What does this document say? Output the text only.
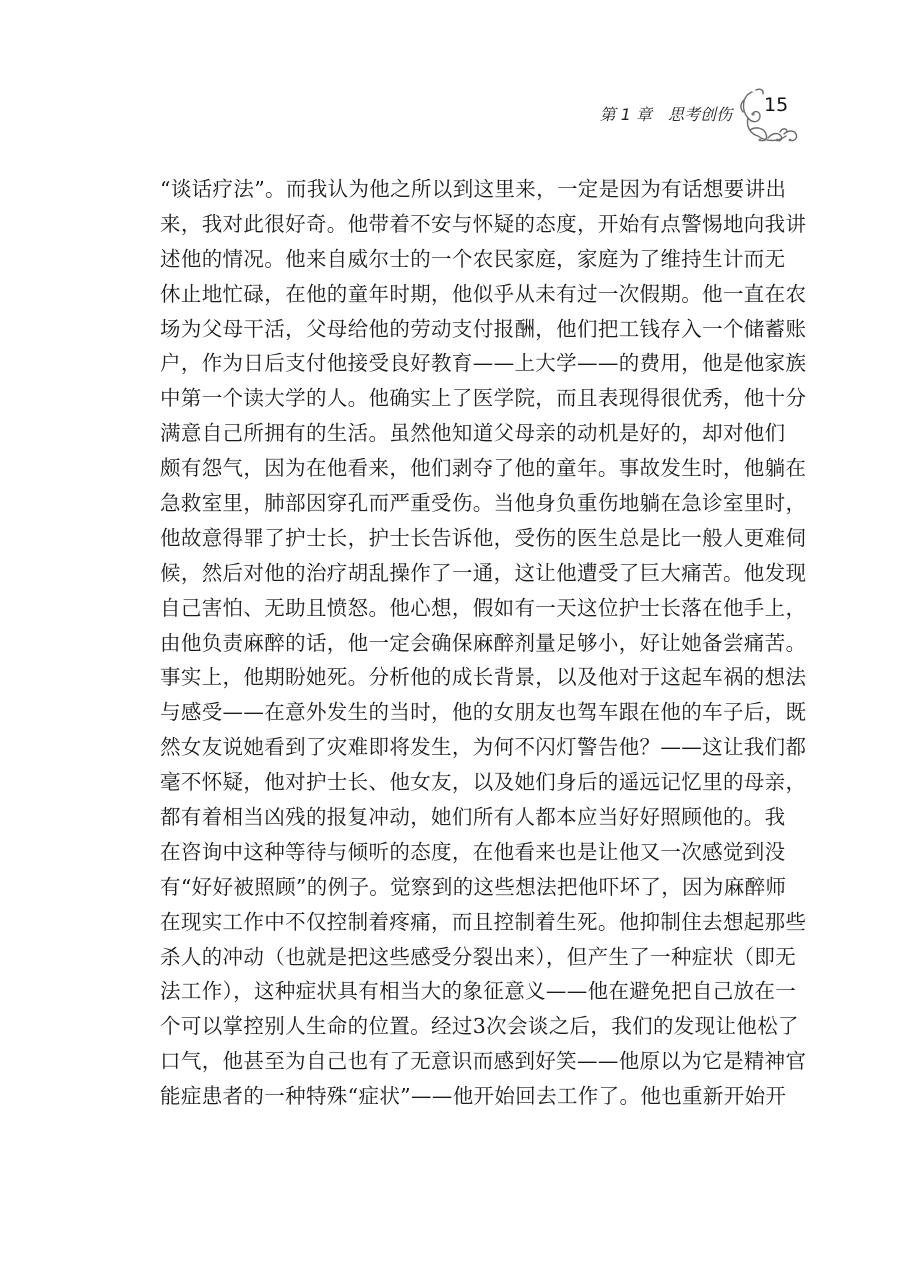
第 1 章　思考创伤 15
“谈话疗法”。而我认为他之所以到这里来，一定是因为有话想要讲出
来，我对此很好奇。他带着不安与怀疑的态度，开始有点警惕地向我讲
述他的情况。他来自威尔士的一个农民家庭，家庭为了维持生计而无
休止地忙碌，在他的童年时期，他似乎从未有过一次假期。他一直在农
场为父母干活，父母给他的劳动支付报酬，他们把工钱存入一个储蓄账
户，作为日后支付他接受良好教育——上大学——的费用，他是他家族
中第一个读大学的人。他确实上了医学院，而且表现得很优秀，他十分
满意自己所拥有的生活。虽然他知道父母亲的动机是好的，却对他们
颇有怨气，因为在他看来，他们剥夺了他的童年。事故发生时，他躺在
急救室里，肺部因穿孔而严重受伤。当他身负重伤地躺在急诊室里时，
他故意得罪了护士长，护士长告诉他，受伤的医生总是比一般人更难伺
候，然后对他的治疗胡乱操作了一通，这让他遭受了巨大痛苦。他发现
自己害怕、无助且愤怒。他心想，假如有一天这位护士长落在他手上，
由他负责麻醉的话，他一定会确保麻醉剂量足够小，好让她备尝痛苦。
事实上，他期盼她死。分析他的成长背景，以及他对于这起车祸的想法
与感受——在意外发生的当时，他的女朋友也驾车跟在他的车子后，既
然女友说她看到了灾难即将发生，为何不闪灯警告他？——这让我们都
毫不怀疑，他对护士长、他女友，以及她们身后的遥远记忆里的母亲，
都有着相当凶残的报复冲动，她们所有人都本应当好好照顾他的。我
在咨询中这种等待与倾听的态度，在他看来也是让他又一次感觉到没
有“好好被照顾”的例子。觉察到的这些想法把他吓坏了，因为麻醉师
在现实工作中不仅控制着疼痛，而且控制着生死。他抑制住去想起那些
杀人的冲动（也就是把这些感受分裂出来），但产生了一种症状（即无
法工作），这种症状具有相当大的象征意义——他在避免把自己放在一
个可以掌控别人生命的位置。经过3次会谈之后，我们的发现让他松了
口气，他甚至为自己也有了无意识而感到好笑——他原以为它是精神官
能症患者的一种特殊“症状”——他开始回去工作了。他也重新开始开
